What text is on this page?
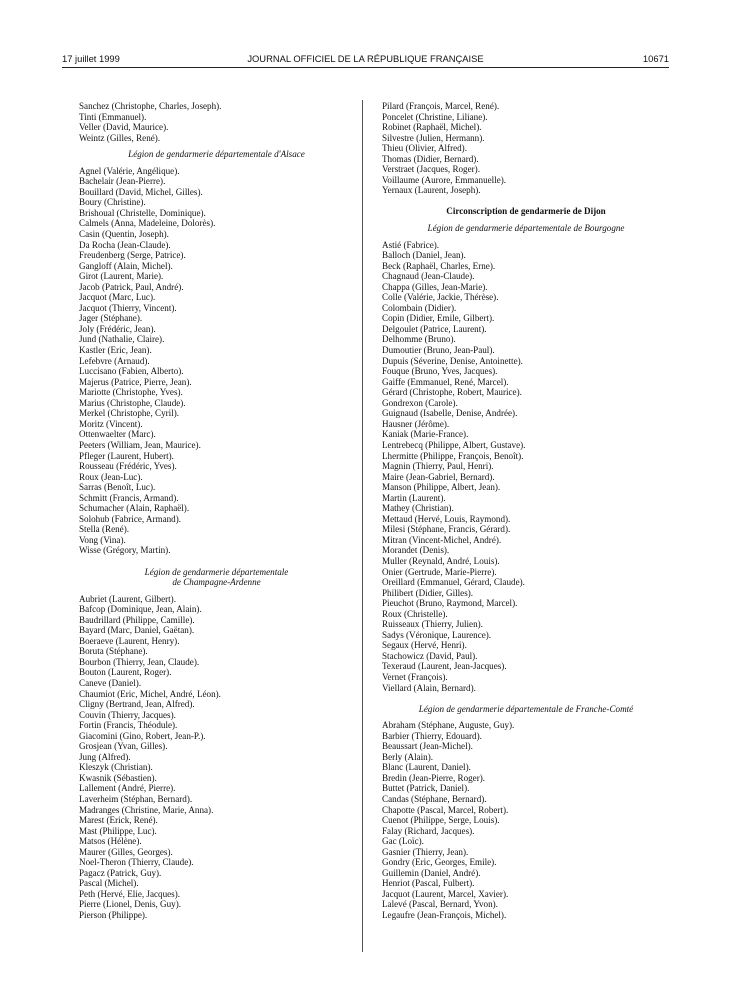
17 juillet 1999	JOURNAL OFFICIEL DE LA RÉPUBLIQUE FRANÇAISE	10671
Sanchez (Christophe, Charles, Joseph).
Tinti (Emmanuel).
Veller (David, Maurice).
Weintz (Gilles, René).
Légion de gendarmerie départementale d'Alsace
Agnel (Valérie, Angélique).
Bachelair (Jean-Pierre).
Bouillard (David, Michel, Gilles).
Boury (Christine).
Brishoual (Christelle, Dominique).
Calmels (Anna, Madeleine, Dolorès).
Casin (Quentin, Joseph).
Da Rocha (Jean-Claude).
Freudenberg (Serge, Patrice).
Gangloff (Alain, Michel).
Girot (Laurent, Marie).
Jacob (Patrick, Paul, André).
Jacquot (Marc, Luc).
Jacquot (Thierry, Vincent).
Jager (Stéphane).
Joly (Frédéric, Jean).
Jund (Nathalie, Claire).
Kastler (Eric, Jean).
Lefebvre (Arnaud).
Luccisano (Fabien, Alberto).
Majerus (Patrice, Pierre, Jean).
Mariotte (Christophe, Yves).
Marius (Christophe, Claude).
Merkel (Christophe, Cyril).
Moritz (Vincent).
Ottenwaelter (Marc).
Peeters (William, Jean, Maurice).
Pfleger (Laurent, Hubert).
Rousseau (Frédéric, Yves).
Roux (Jean-Luc).
Sarras (Benoît, Luc).
Schmitt (Francis, Armand).
Schumacher (Alain, Raphaël).
Solohub (Fabrice, Armand).
Stella (René).
Vong (Vina).
Wisse (Grégory, Martin).
Légion de gendarmerie départementale
de Champagne-Ardenne
Aubriet (Laurent, Gilbert).
Bafcop (Dominique, Jean, Alain).
Baudrillard (Philippe, Camille).
Bayard (Marc, Daniel, Gaëtan).
Boeraeve (Laurent, Henry).
Boruta (Stéphane).
Bourbon (Thierry, Jean, Claude).
Bouton (Laurent, Roger).
Caneve (Daniel).
Chaumiot (Eric, Michel, André, Léon).
Cligny (Bertrand, Jean, Alfred).
Couvin (Thierry, Jacques).
Fortin (Francis, Théodule).
Giacomini (Gino, Robert, Jean-P.).
Grosjean (Yvan, Gilles).
Jung (Alfred).
Kleszyk (Christian).
Kwasnik (Sébastien).
Lallement (André, Pierre).
Laverheim (Stéphan, Bernard).
Madranges (Christine, Marie, Anna).
Marest (Erick, René).
Mast (Philippe, Luc).
Matsos (Hélène).
Maurer (Gilles, Georges).
Noel-Theron (Thierry, Claude).
Pagacz (Patrick, Guy).
Pascal (Michel).
Peth (Hervé, Elie, Jacques).
Pierre (Lionel, Denis, Guy).
Pierson (Philippe).
Pilard (François, Marcel, René).
Poncelet (Christine, Liliane).
Robinet (Raphaël, Michel).
Silvestre (Julien, Hermann).
Thieu (Olivier, Alfred).
Thomas (Didier, Bernard).
Verstraet (Jacques, Roger).
Voillaume (Aurore, Emmanuelle).
Yernaux (Laurent, Joseph).
Circonscription de gendarmerie de Dijon
Légion de gendarmerie départementale de Bourgogne
Astié (Fabrice).
Balloch (Daniel, Jean).
Beck (Raphaël, Charles, Erne).
Chagnaud (Jean-Claude).
Chappa (Gilles, Jean-Marie).
Colle (Valérie, Jackie, Thérèse).
Colombain (Didier).
Copin (Didier, Emile, Gilbert).
Delgoulet (Patrice, Laurent).
Delhomme (Bruno).
Dumoutier (Bruno, Jean-Paul).
Dupuis (Séverine, Denise, Antoinette).
Fouque (Bruno, Yves, Jacques).
Gaiffe (Emmanuel, René, Marcel).
Gérard (Christophe, Robert, Maurice).
Gondrexon (Carole).
Guignaud (Isabelle, Denise, Andrée).
Hausner (Jérôme).
Kaniak (Marie-France).
Lentrebecq (Philippe, Albert, Gustave).
Lhermitte (Philippe, François, Benoît).
Magnin (Thierry, Paul, Henri).
Maire (Jean-Gabriel, Bernard).
Manson (Philippe, Albert, Jean).
Martin (Laurent).
Mathey (Christian).
Mettaud (Hervé, Louis, Raymond).
Milesi (Stéphane, Francis, Gérard).
Mitran (Vincent-Michel, André).
Morandet (Denis).
Muller (Reynald, André, Louis).
Onier (Gertrude, Marie-Pierre).
Oreillard (Emmanuel, Gérard, Claude).
Philibert (Didier, Gilles).
Pieuchot (Bruno, Raymond, Marcel).
Roux (Christelle).
Ruisseaux (Thierry, Julien).
Sadys (Véronique, Laurence).
Segaux (Hervé, Henri).
Stachowicz (David, Paul).
Texeraud (Laurent, Jean-Jacques).
Vernet (François).
Viellard (Alain, Bernard).
Légion de gendarmerie départementale de Franche-Comté
Abraham (Stéphane, Auguste, Guy).
Barbier (Thierry, Edouard).
Beaussart (Jean-Michel).
Berly (Alain).
Blanc (Laurent, Daniel).
Bredin (Jean-Pierre, Roger).
Buttet (Patrick, Daniel).
Candas (Stéphane, Bernard).
Chapotte (Pascal, Marcel, Robert).
Cuenot (Philippe, Serge, Louis).
Falay (Richard, Jacques).
Gac (Loïc).
Gasnier (Thierry, Jean).
Gondry (Eric, Georges, Emile).
Guillemin (Daniel, André).
Henriot (Pascal, Fulbert).
Jacquot (Laurent, Marcel, Xavier).
Lalevé (Pascal, Bernard, Yvon).
Legaufre (Jean-François, Michel).
